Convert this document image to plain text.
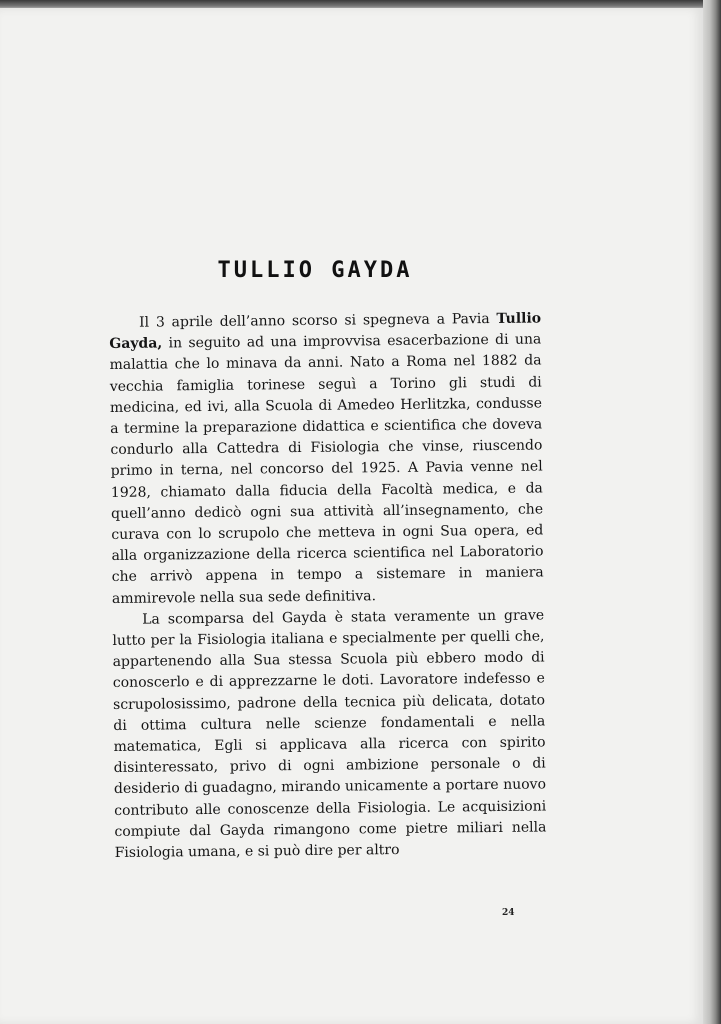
TULLIO GAYDA

Il 3 aprile dell’anno scorso si spegneva a Pavia Tullio Gayda, in seguito ad una improvvisa esacerbazione di una malattia che lo minava da anni. Nato a Roma nel 1882 da vecchia famiglia torinese seguì a Torino gli studi di medicina, ed ivi, alla Scuola di Amedeo Herlitzka, condusse a termine la preparazione didattica e scientifica che doveva condurlo alla Cattedra di Fisiologia che vinse, riuscendo primo in terna, nel concorso del 1925. A Pavia venne nel 1928, chiamato dalla fiducia della Facoltà medica, e da quell’anno dedicò ogni sua attività all’insegnamento, che curava con lo scrupolo che metteva in ogni Sua opera, ed alla organizzazione della ricerca scientifica nel Laboratorio che arrivò appena in tempo a sistemare in maniera ammirevole nella sua sede definitiva.

La scomparsa del Gayda è stata veramente un grave lutto per la Fisiologia italiana e specialmente per quelli che, appartenendo alla Sua stessa Scuola più ebbero modo di conoscerlo e di apprezzarne le doti. Lavoratore indefesso e scrupolosissimo, padrone della tecnica più delicata, dotato di ottima cultura nelle scienze fondamentali e nella matematica, Egli si applicava alla ricerca con spirito disinteressato, privo di ogni ambizione personale o di desiderio di guadagno, mirando unicamente a portare nuovo contributo alle conoscenze della Fisiologia. Le acquisizioni compiute dal Gayda rimangono come pietre miliari nella Fisiologia umana, e si può dire per altro

24
